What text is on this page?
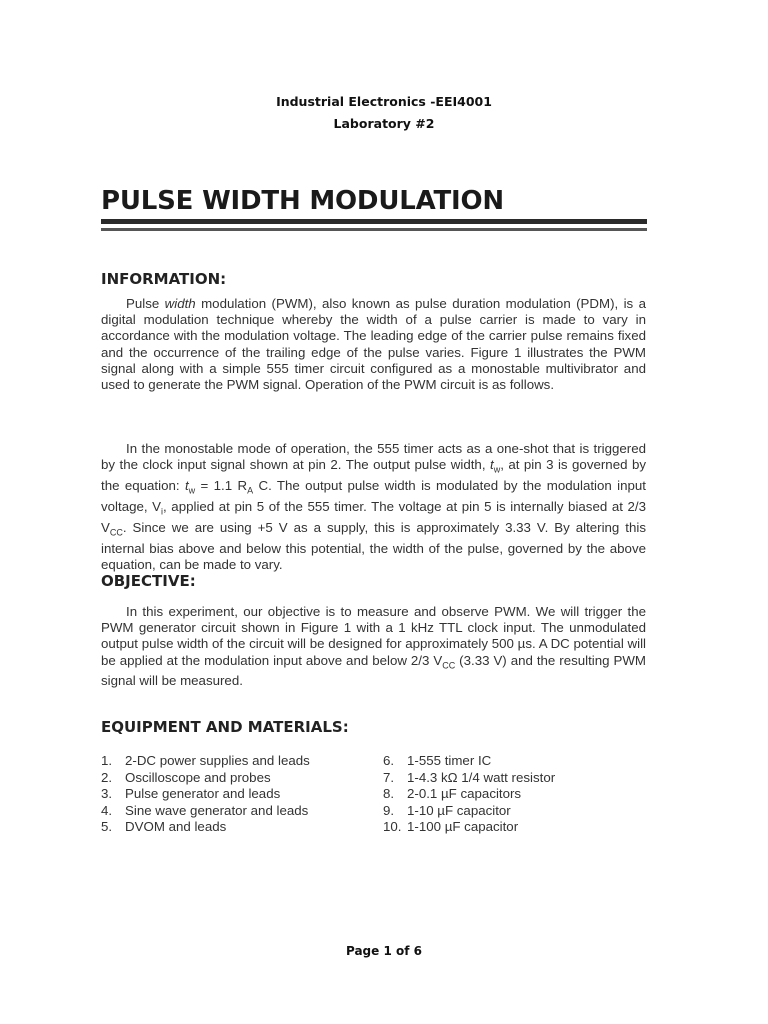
Industrial Electronics -EEI4001
Laboratory #2
PULSE WIDTH MODULATION
INFORMATION:

Pulse width modulation (PWM), also known as pulse duration modulation (PDM), is a digital modulation technique whereby the width of a pulse carrier is made to vary in accordance with the modulation voltage. The leading edge of the carrier pulse remains fixed and the occurrence of the trailing edge of the pulse varies. Figure 1 illustrates the PWM signal along with a simple 555 timer circuit configured as a monostable multivibrator and used to generate the PWM signal. Operation of the PWM circuit is as follows.

In the monostable mode of operation, the 555 timer acts as a one-shot that is triggered by the clock input signal shown at pin 2. The output pulse width, $t_w$, at pin 3 is governed by the equation: $t_w = 1.1$ $R_A$ C. The output pulse width is modulated by the modulation input voltage, $V_i$, applied at pin 5 of the 555 timer. The voltage at pin 5 is internally biased at 2/3 $V_{CC}$. Since we are using +5 V as a supply, this is approximately 3.33 V. By altering this internal bias above and below this potential, the width of the pulse, governed by the above equation, can be made to vary.

OBJECTIVE:

In this experiment, our objective is to measure and observe PWM. We will trigger the PWM generator circuit shown in Figure 1 with a 1 kHz TTL clock input. The unmodulated output pulse width of the circuit will be designed for approximately 500 µs. A DC potential will be applied at the modulation input above and below 2/3 $V_{CC}$ (3.33 V) and the resulting PWM signal will be measured.

EQUIPMENT AND MATERIALS:
1. 2-DC power supplies and leads
2. Oscilloscope and probes
3. Pulse generator and leads
4. Sine wave generator and leads
5. DVOM and leads
6. 1-555 timer IC
7. 1-4.3 kΩ 1/4 watt resistor
8. 2-0.1 µF capacitors
9. 1-10 µF capacitor
10. 1-100 µF capacitor
Page 1 of 6
